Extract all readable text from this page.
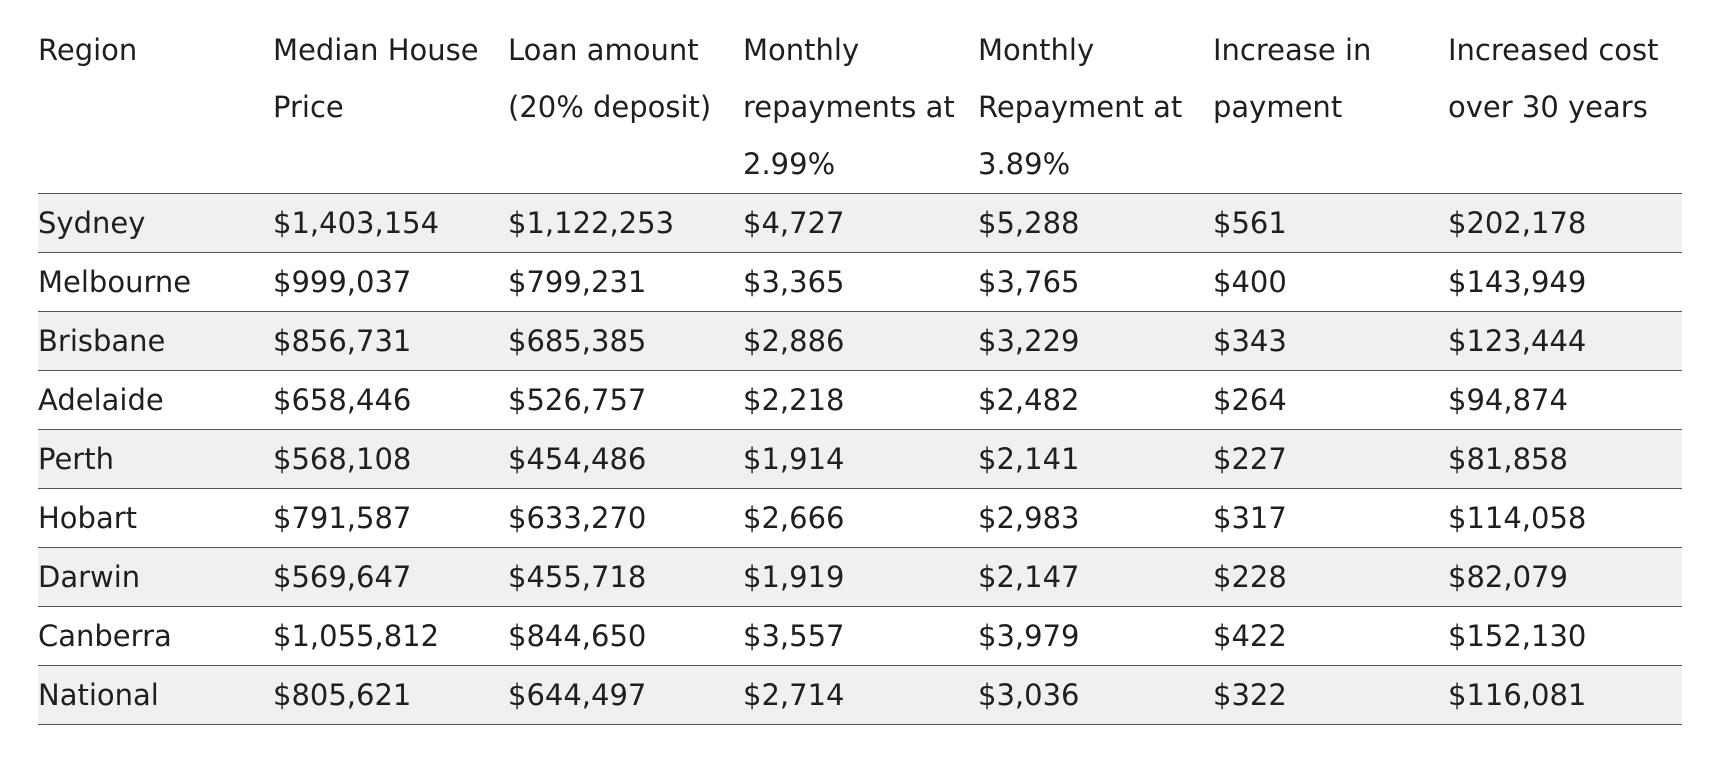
Region	Median House Price	Loan amount (20% deposit)	Monthly repayments at 2.99%	Monthly Repayment at 3.89%	Increase in payment	Increased cost over 30 years
Sydney	$1,403,154	$1,122,253	$4,727	$5,288	$561	$202,178
Melbourne	$999,037	$799,231	$3,365	$3,765	$400	$143,949
Brisbane	$856,731	$685,385	$2,886	$3,229	$343	$123,444
Adelaide	$658,446	$526,757	$2,218	$2,482	$264	$94,874
Perth	$568,108	$454,486	$1,914	$2,141	$227	$81,858
Hobart	$791,587	$633,270	$2,666	$2,983	$317	$114,058
Darwin	$569,647	$455,718	$1,919	$2,147	$228	$82,079
Canberra	$1,055,812	$844,650	$3,557	$3,979	$422	$152,130
National	$805,621	$644,497	$2,714	$3,036	$322	$116,081
